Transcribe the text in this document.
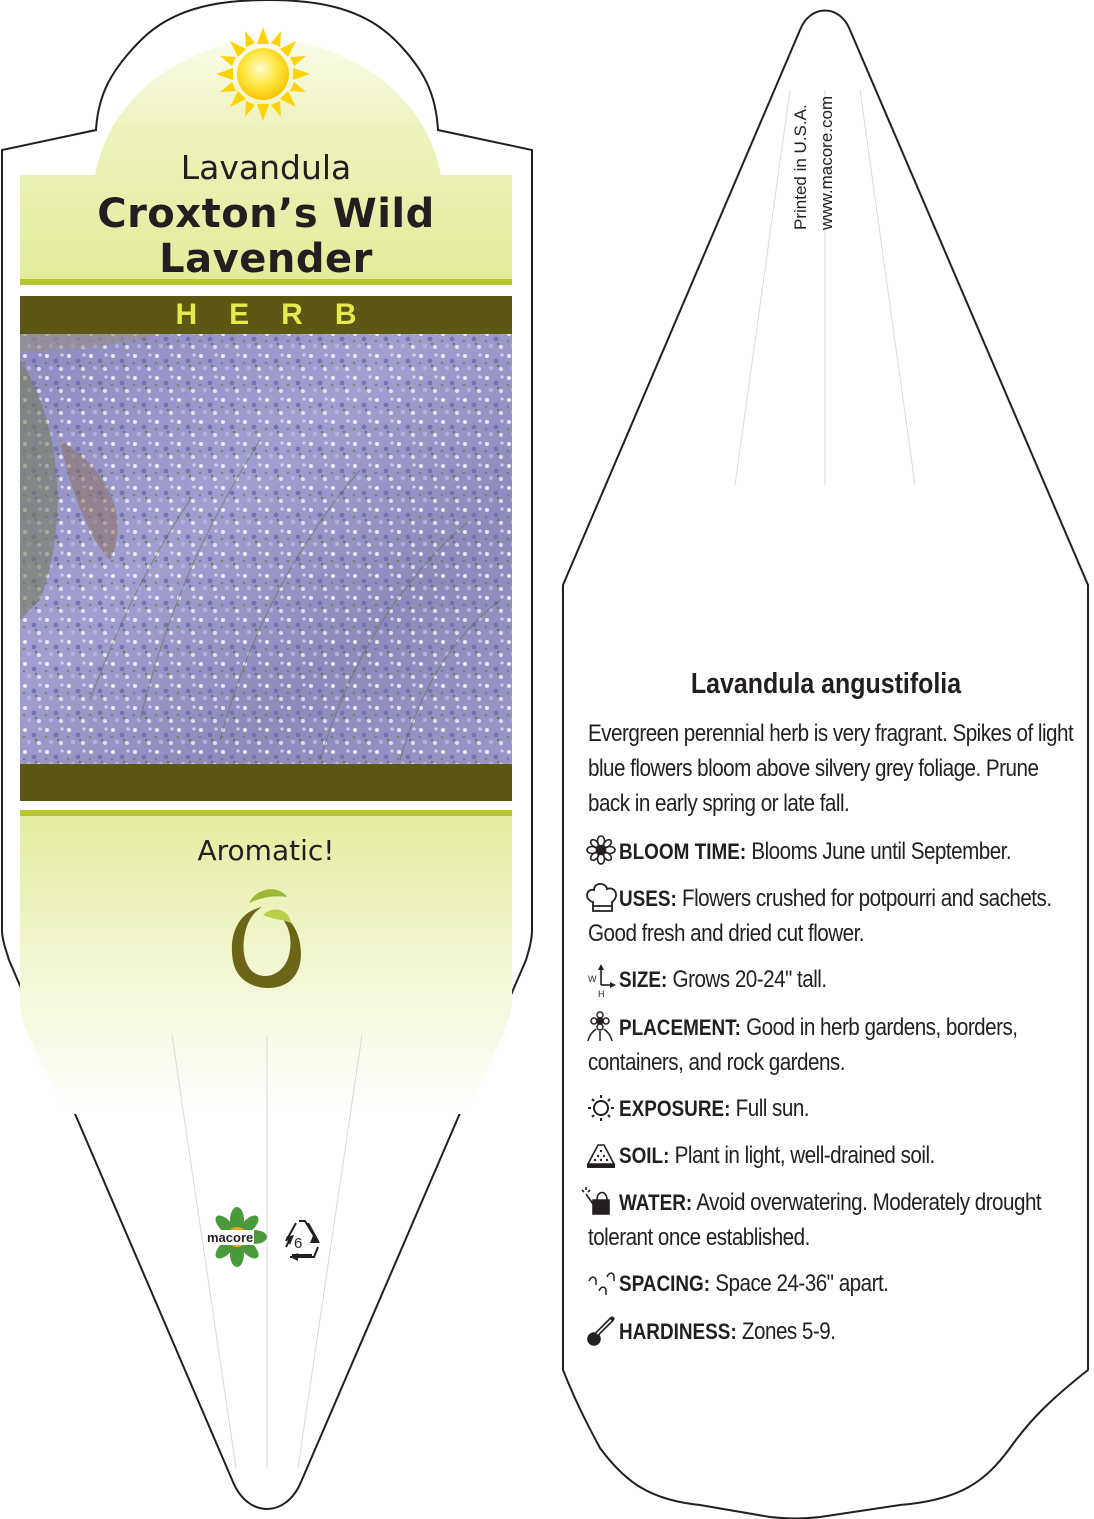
W
H
Lavandula
Croxton’s Wild
Lavender
HERB
Aromatic!
macore	6
Printed in U.S.A. www.macore.com
Lavandula angustifolia
Evergreen perennial herb is very fragrant. Spikes of light blue flowers bloom above silvery grey foliage. Prune back in early spring or late fall.
BLOOM TIME: Blooms June until September.
USES: Flowers crushed for potpourri and sachets. Good fresh and dried cut flower.
SIZE: Grows 20-24" tall.
PLACEMENT: Good in herb gardens, borders, containers, and rock gardens.
EXPOSURE: Full sun.
SOIL: Plant in light, well-drained soil.
WATER: Avoid overwatering. Moderately drought tolerant once established.
SPACING: Space 24-36" apart.
HARDINESS: Zones 5-9.
